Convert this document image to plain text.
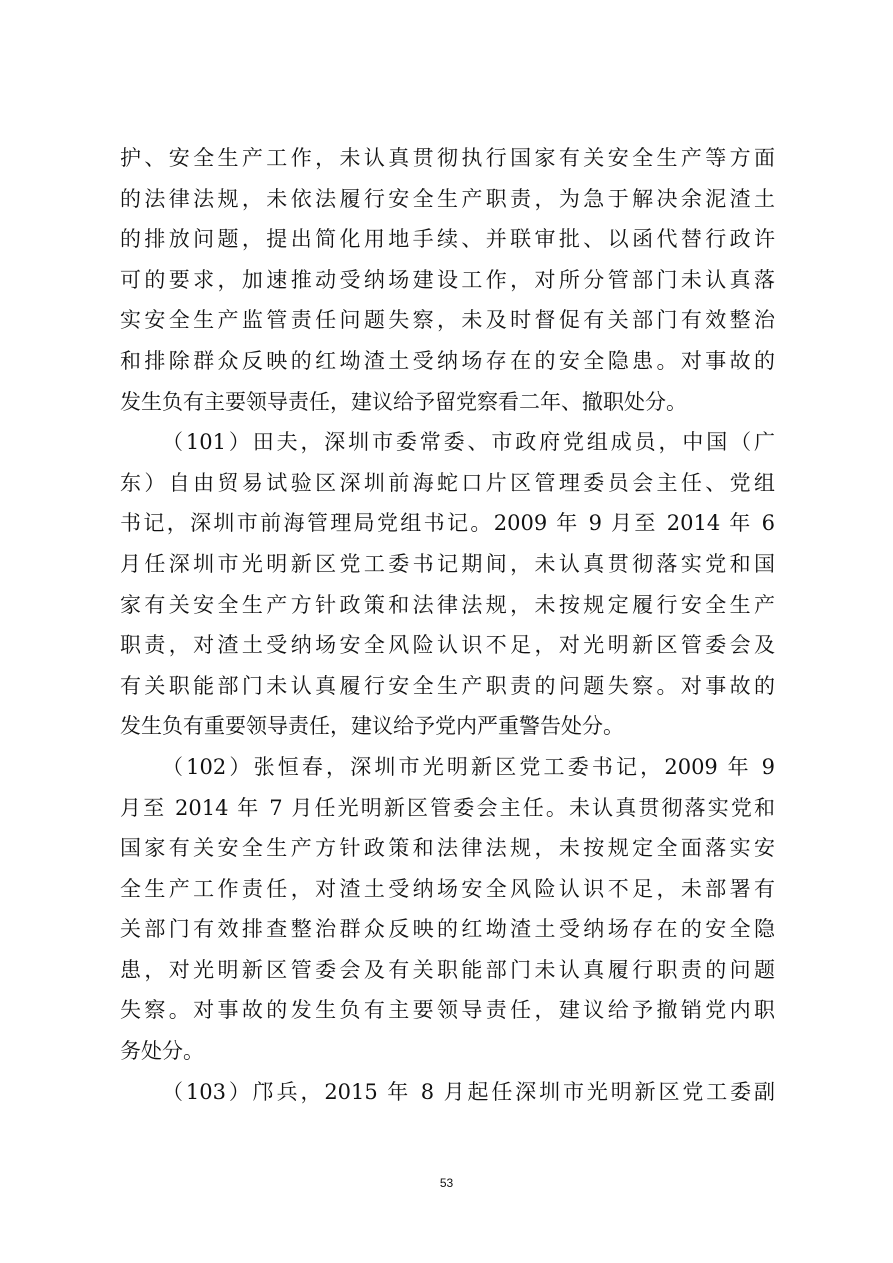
护、安全生产工作，未认真贯彻执行国家有关安全生产等方面
的法律法规，未依法履行安全生产职责，为急于解决余泥渣土
的排放问题，提出简化用地手续、并联审批、以函代替行政许
可的要求，加速推动受纳场建设工作，对所分管部门未认真落
实安全生产监管责任问题失察，未及时督促有关部门有效整治
和排除群众反映的红坳渣土受纳场存在的安全隐患。对事故的
发生负有主要领导责任，建议给予留党察看二年、撤职处分。
（101）田夫，深圳市委常委、市政府党组成员，中国（广
东）自由贸易试验区深圳前海蛇口片区管理委员会主任、党组
书记，深圳市前海管理局党组书记。2009 年 9 月至 2014 年 6
月任深圳市光明新区党工委书记期间，未认真贯彻落实党和国
家有关安全生产方针政策和法律法规，未按规定履行安全生产
职责，对渣土受纳场安全风险认识不足，对光明新区管委会及
有关职能部门未认真履行安全生产职责的问题失察。对事故的
发生负有重要领导责任，建议给予党内严重警告处分。
（102）张恒春，深圳市光明新区党工委书记，2009 年 9
月至 2014 年 7 月任光明新区管委会主任。未认真贯彻落实党和
国家有关安全生产方针政策和法律法规，未按规定全面落实安
全生产工作责任，对渣土受纳场安全风险认识不足，未部署有
关部门有效排查整治群众反映的红坳渣土受纳场存在的安全隐
患，对光明新区管委会及有关职能部门未认真履行职责的问题
失察。对事故的发生负有主要领导责任，建议给予撤销党内职
务处分。
（103）邝兵，2015 年 8 月起任深圳市光明新区党工委副
53
